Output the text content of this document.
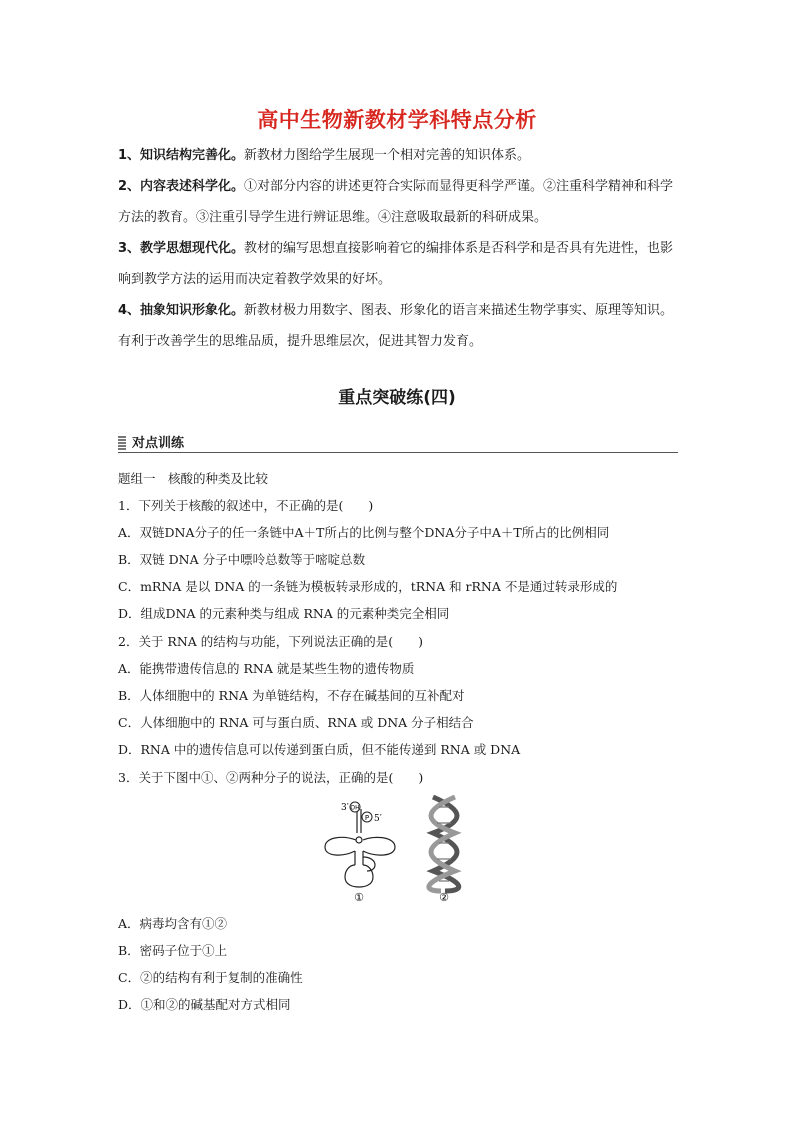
高中生物新教材学科特点分析
1、知识结构完善化。新教材力图给学生展现一个相对完善的知识体系。
2、内容表述科学化。①对部分内容的讲述更符合实际而显得更科学严谨。②注重科学精神和科学方法的教育。③注重引导学生进行辨证思维。④注意吸取最新的科研成果。
3、教学思想现代化。教材的编写思想直接影响着它的编排体系是否科学和是否具有先进性，也影响到教学方法的运用而决定着教学效果的好坏。
4、抽象知识形象化。新教材极力用数字、图表、形象化的语言来描述生物学事实、原理等知识。有利于改善学生的思维品质，提升思维层次，促进其智力发育。
重点突破练(四)
对点训练
题组一　核酸的种类及比较
1．下列关于核酸的叙述中，不正确的是(　　)
A．双链DNA分子的任一条链中A＋T所占的比例与整个DNA分子中A＋T所占的比例相同
B．双链 DNA 分子中嘌呤总数等于嘧啶总数
C．mRNA 是以 DNA 的一条链为模板转录形成的，tRNA 和 rRNA 不是通过转录形成的
D．组成DNA 的元素种类与组成 RNA 的元素种类完全相同
2．关于 RNA 的结构与功能，下列说法正确的是(　　)
A．能携带遗传信息的 RNA 就是某些生物的遗传物质
B．人体细胞中的 RNA 为单链结构，不存在碱基间的互补配对
C．人体细胞中的 RNA 可与蛋白质、RNA 或 DNA 分子相结合
D．RNA 中的遗传信息可以传递到蛋白质，但不能传递到 RNA 或 DNA
3．关于下图中①、②两种分子的说法，正确的是(　　)
OH
3′
P 5′
①	②
A．病毒均含有①②
B．密码子位于①上
C．②的结构有利于复制的准确性
D．①和②的碱基配对方式相同
